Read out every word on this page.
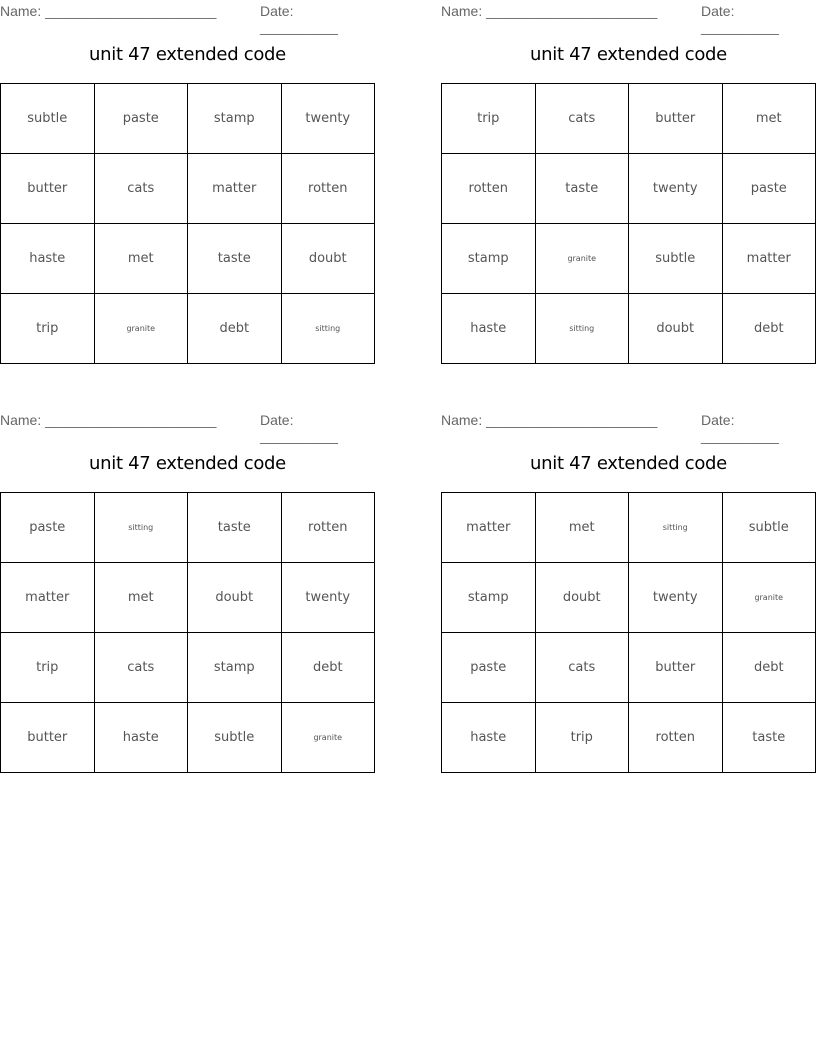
Name: ______________________	Date: __________
unit 47 extended code
subtle	paste	stamp	twenty
butter	cats	matter	rotten
haste	met	taste	doubt
trip	granite	debt	sitting
Name: ______________________	Date: __________
unit 47 extended code
trip	cats	butter	met
rotten	taste	twenty	paste
stamp	granite	subtle	matter
haste	sitting	doubt	debt
Name: ______________________	Date: __________
unit 47 extended code
paste	sitting	taste	rotten
matter	met	doubt	twenty
trip	cats	stamp	debt
butter	haste	subtle	granite
Name: ______________________	Date: __________
unit 47 extended code
matter	met	sitting	subtle
stamp	doubt	twenty	granite
paste	cats	butter	debt
haste	trip	rotten	taste
